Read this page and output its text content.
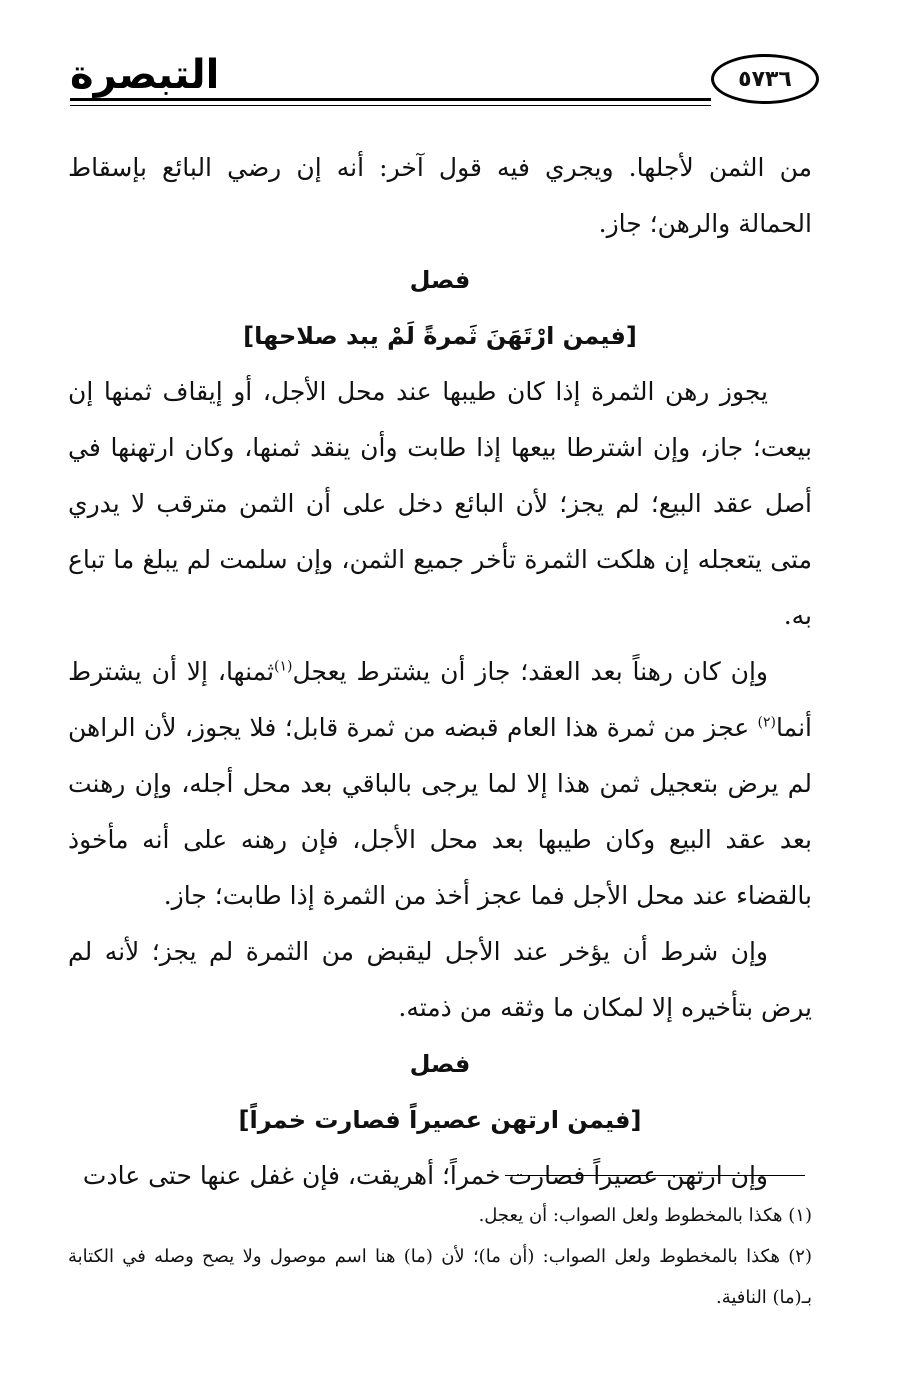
٥٧٣٦
التبصرة

من الثمن لأجلها. ويجري فيه قول آخر: أنه إن رضي البائع بإسقاط الحمالة والرهن؛ جاز.

فصل
[فيمن ارْتَهَنَ ثَمرةً لَمْ يبد صلاحها]

يجوز رهن الثمرة إذا كان طيبها عند محل الأجل، أو إيقاف ثمنها إن بيعت؛ جاز، وإن اشترطا بيعها إذا طابت وأن ينقد ثمنها، وكان ارتهنها في أصل عقد البيع؛ لم يجز؛ لأن البائع دخل على أن الثمن مترقب لا يدري متى يتعجله إن هلكت الثمرة تأخر جميع الثمن، وإن سلمت لم يبلغ ما تباع به.

وإن كان رهناً بعد العقد؛ جاز أن يشترط يعجل$^{(١)}$ثمنها، إلا أن يشترط أنما$^{(٢)}$ عجز من ثمرة هذا العام قبضه من ثمرة قابل؛ فلا يجوز، لأن الراهن لم يرض بتعجيل ثمن هذا إلا لما يرجى بالباقي بعد محل أجله، وإن رهنت بعد عقد البيع وكان طيبها بعد محل الأجل، فإن رهنه على أنه مأخوذ بالقضاء عند محل الأجل فما عجز أخذ من الثمرة إذا طابت؛ جاز.

وإن شرط أن يؤخر عند الأجل ليقبض من الثمرة لم يجز؛ لأنه لم يرض بتأخيره إلا لمكان ما وثقه من ذمته.

فصل
[فيمن ارتهن عصيراً فصارت خمراً]

وإن ارتهن عصيراً فصارت خمراً؛ أهريقت، فإن غفل عنها حتى عادت

(١) هكذا بالمخطوط ولعل الصواب: أن يعجل.

(٢) هكذا بالمخطوط ولعل الصواب: (أن ما)؛ لأن (ما) هنا اسم موصول ولا يصح وصله في الكتابة بـ(ما) النافية.
